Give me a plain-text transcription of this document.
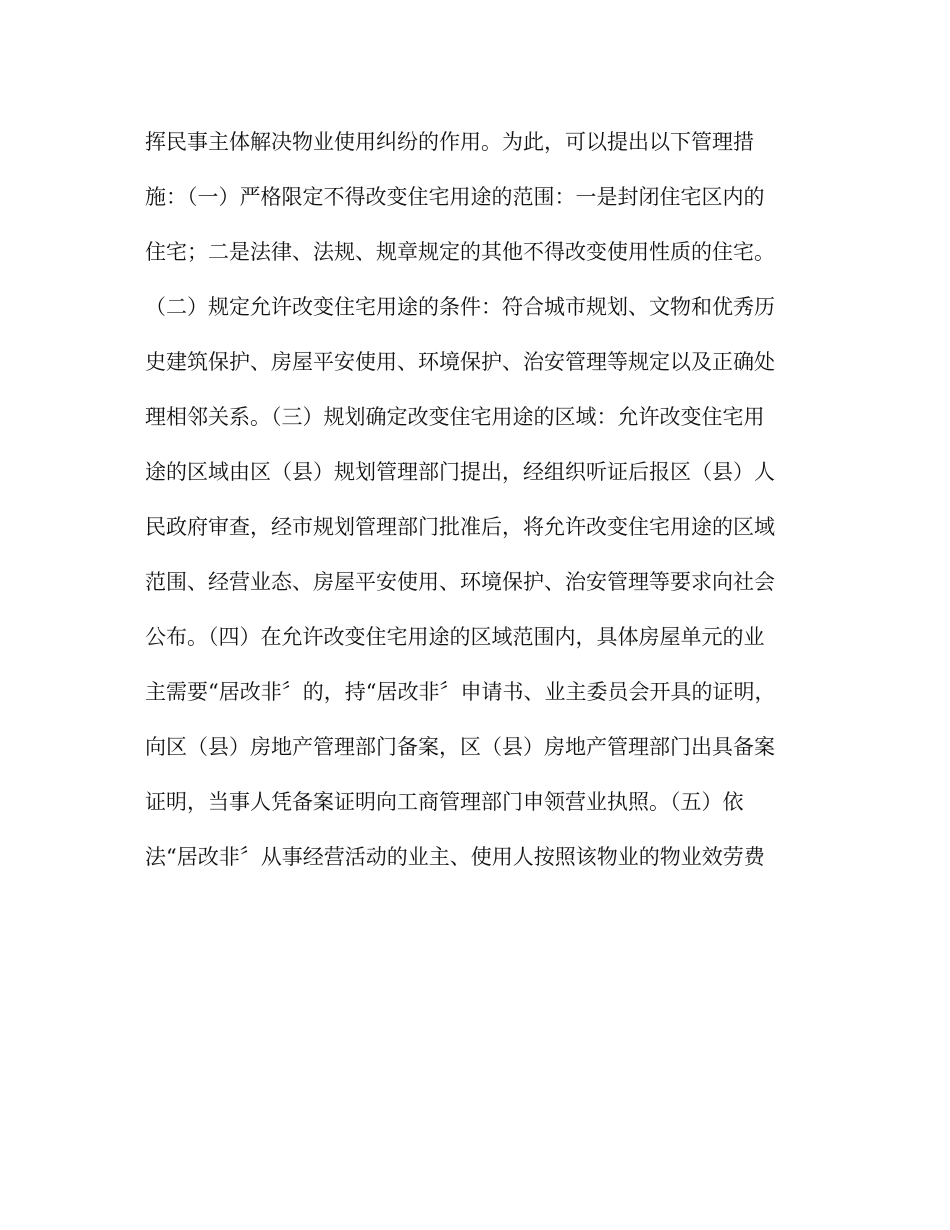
挥民事主体解决物业使用纠纷的作用。为此，可以提出以下管理措
施：（一）严格限定不得改变住宅用途的范围：一是封闭住宅区内的
住宅；二是法律、法规、规章规定的其他不得改变使用性质的住宅。
（二）规定允许改变住宅用途的条件：符合城市规划、文物和优秀历
史建筑保护、房屋平安使用、环境保护、治安管理等规定以及正确处
理相邻关系。（三）规划确定改变住宅用途的区域：允许改变住宅用
途的区域由区（县）规划管理部门提出，经组织听证后报区（县）人
民政府审查，经市规划管理部门批准后，将允许改变住宅用途的区域
范围、经营业态、房屋平安使用、环境保护、治安管理等要求向社会
公布。（四）在允许改变住宅用途的区域范围内，具体房屋单元的业
主需要“居改非〞的，持“居改非〞申请书、业主委员会开具的证明，
向区（县）房地产管理部门备案，区（县）房地产管理部门出具备案
证明，当事人凭备案证明向工商管理部门申领营业执照。（五）依
法“居改非〞从事经营活动的业主、使用人按照该物业的物业效劳费
